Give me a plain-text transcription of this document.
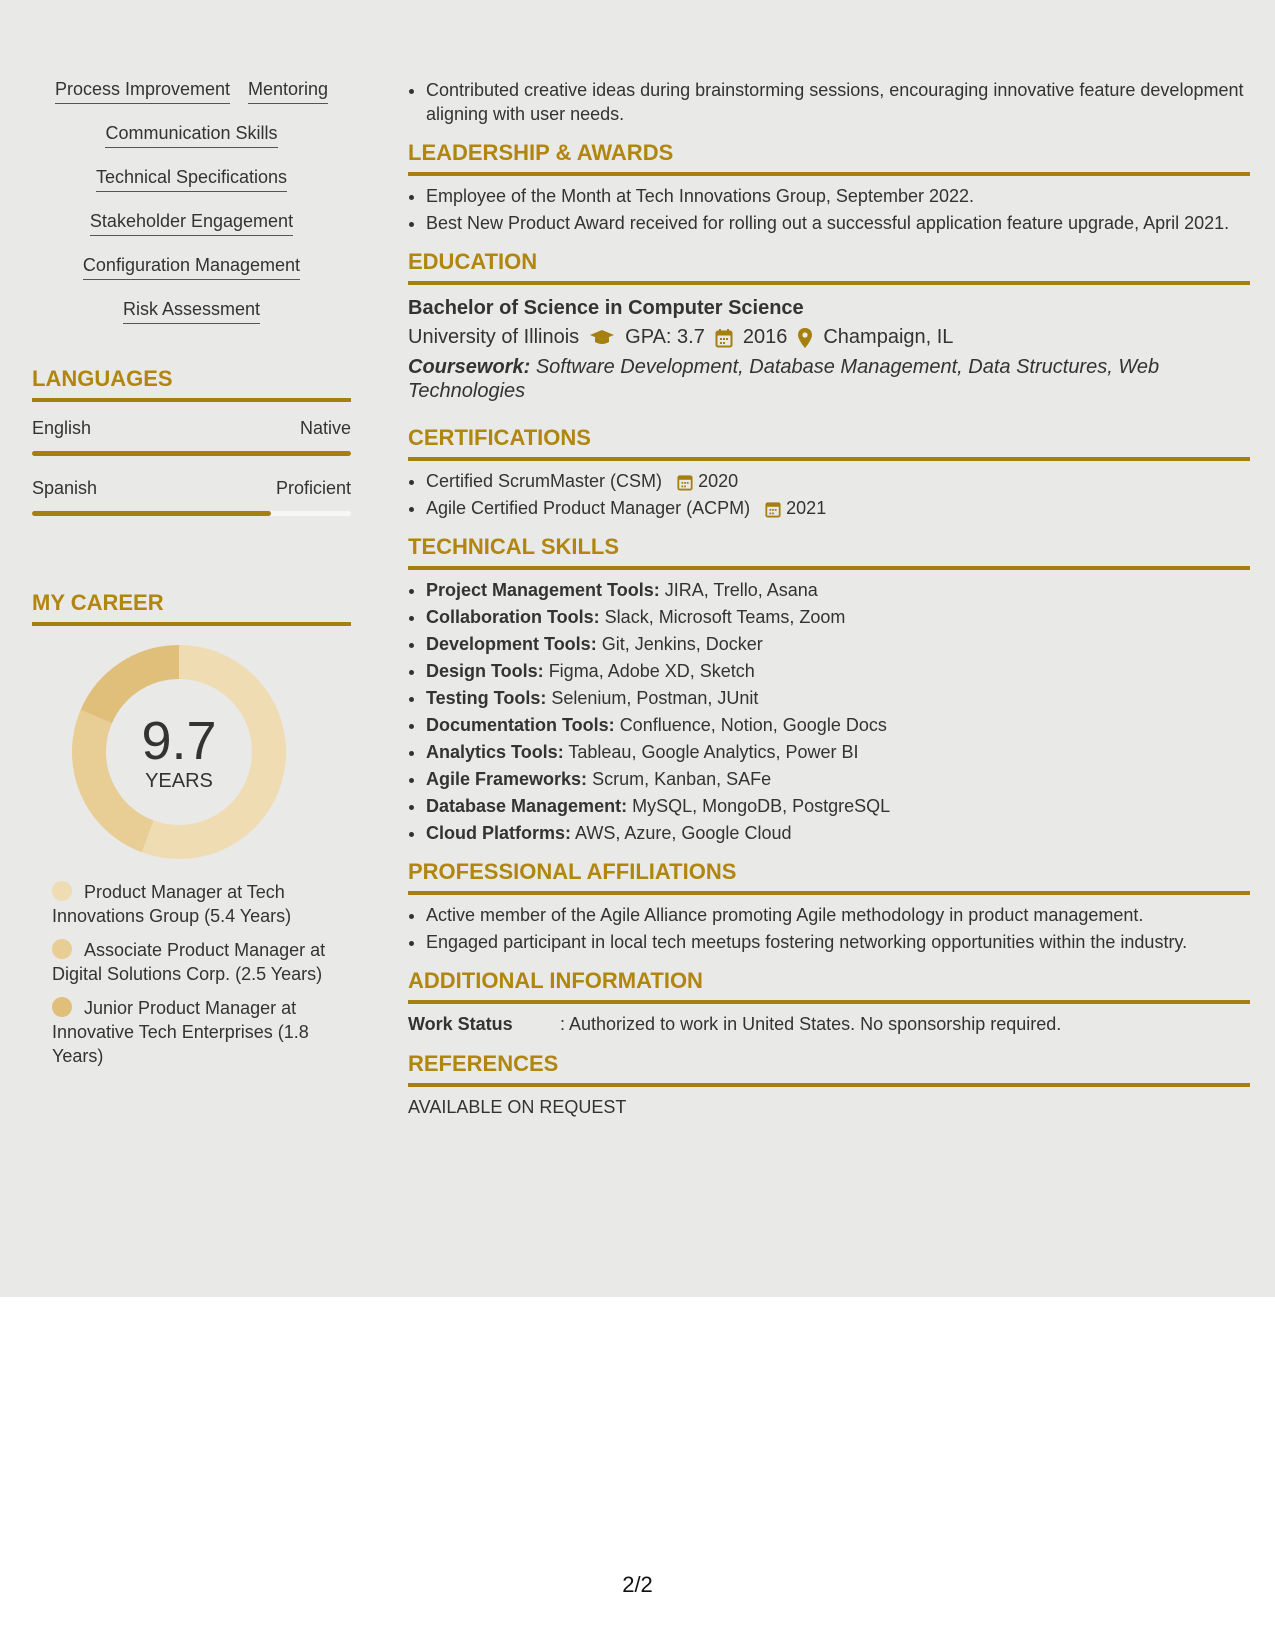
Process Improvement Mentoring
Communication Skills
Technical Specifications
Stakeholder Engagement
Configuration Management
Risk Assessment
LANGUAGES
English	Native
Spanish	Proficient
MY CAREER
9.7
YEARS
Product Manager at Tech Innovations Group (5.4 Years)
Associate Product Manager at Digital Solutions Corp. (2.5 Years)
Junior Product Manager at Innovative Tech Enterprises (1.8 Years)
• Contributed creative ideas during brainstorming sessions, encouraging innovative feature development aligning with user needs.
LEADERSHIP & AWARDS
• Employee of the Month at Tech Innovations Group, September 2022.
• Best New Product Award received for rolling out a successful application feature upgrade, April 2021.
EDUCATION
Bachelor of Science in Computer Science
University of Illinois GPA: 3.7 2016 Champaign, IL
Coursework: Software Development, Database Management, Data Structures, Web Technologies
CERTIFICATIONS
• Certified ScrumMaster (CSM) 2020
• Agile Certified Product Manager (ACPM) 2021
TECHNICAL SKILLS
• Project Management Tools: JIRA, Trello, Asana
• Collaboration Tools: Slack, Microsoft Teams, Zoom
• Development Tools: Git, Jenkins, Docker
• Design Tools: Figma, Adobe XD, Sketch
• Testing Tools: Selenium, Postman, JUnit
• Documentation Tools: Confluence, Notion, Google Docs
• Analytics Tools: Tableau, Google Analytics, Power BI
• Agile Frameworks: Scrum, Kanban, SAFe
• Database Management: MySQL, MongoDB, PostgreSQL
• Cloud Platforms: AWS, Azure, Google Cloud
PROFESSIONAL AFFILIATIONS
• Active member of the Agile Alliance promoting Agile methodology in product management.
• Engaged participant in local tech meetups fostering networking opportunities within the industry.
ADDITIONAL INFORMATION
Work Status	: Authorized to work in United States. No sponsorship required.
REFERENCES
AVAILABLE ON REQUEST
2/2
